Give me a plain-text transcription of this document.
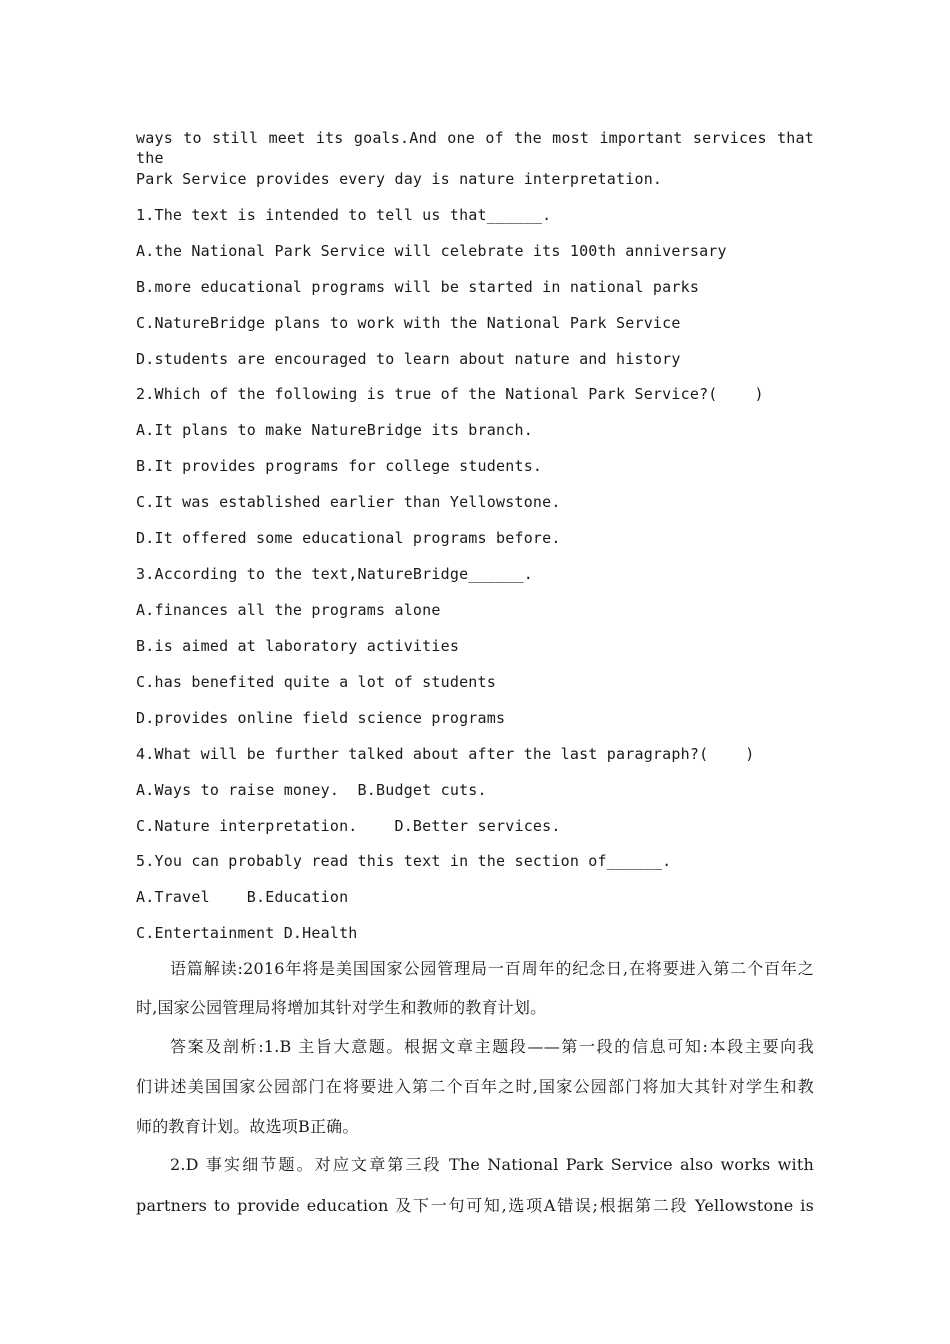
ways to still meet its goals.And one of the most important services that the
Park Service provides every day is nature interpretation.
1.The text is intended to tell us that______.
A.the National Park Service will celebrate its 100th anniversary
B.more educational programs will be started in national parks
C.NatureBridge plans to work with the National Park Service
D.students are encouraged to learn about nature and history
2.Which of the following is true of the National Park Service?(    )
A.It plans to make NatureBridge its branch.
B.It provides programs for college students.
C.It was established earlier than Yellowstone.
D.It offered some educational programs before.
3.According to the text,NatureBridge______.
A.finances all the programs alone
B.is aimed at laboratory activities
C.has benefited quite a lot of students
D.provides online field science programs
4.What will be further talked about after the last paragraph?(    )
A.Ways to raise money.  B.Budget cuts.
C.Nature interpretation.    D.Better services.
5.You can probably read this text in the section of______.
A.Travel    B.Education
C.Entertainment D.Health
语篇解读:2016年将是美国国家公园管理局一百周年的纪念日,在将要进入第二个百年之
时,国家公园管理局将增加其针对学生和教师的教育计划。
答案及剖析:1.B 主旨大意题。根据文章主题段——第一段的信息可知:本段主要向我
们讲述美国国家公园部门在将要进入第二个百年之时,国家公园部门将加大其针对学生和教
师的教育计划。故选项B正确。
2.D 事实细节题。对应文章第三段 The National Park Service also works with
partners to provide education 及下一句可知,选项A错误;根据第二段 Yellowstone is
